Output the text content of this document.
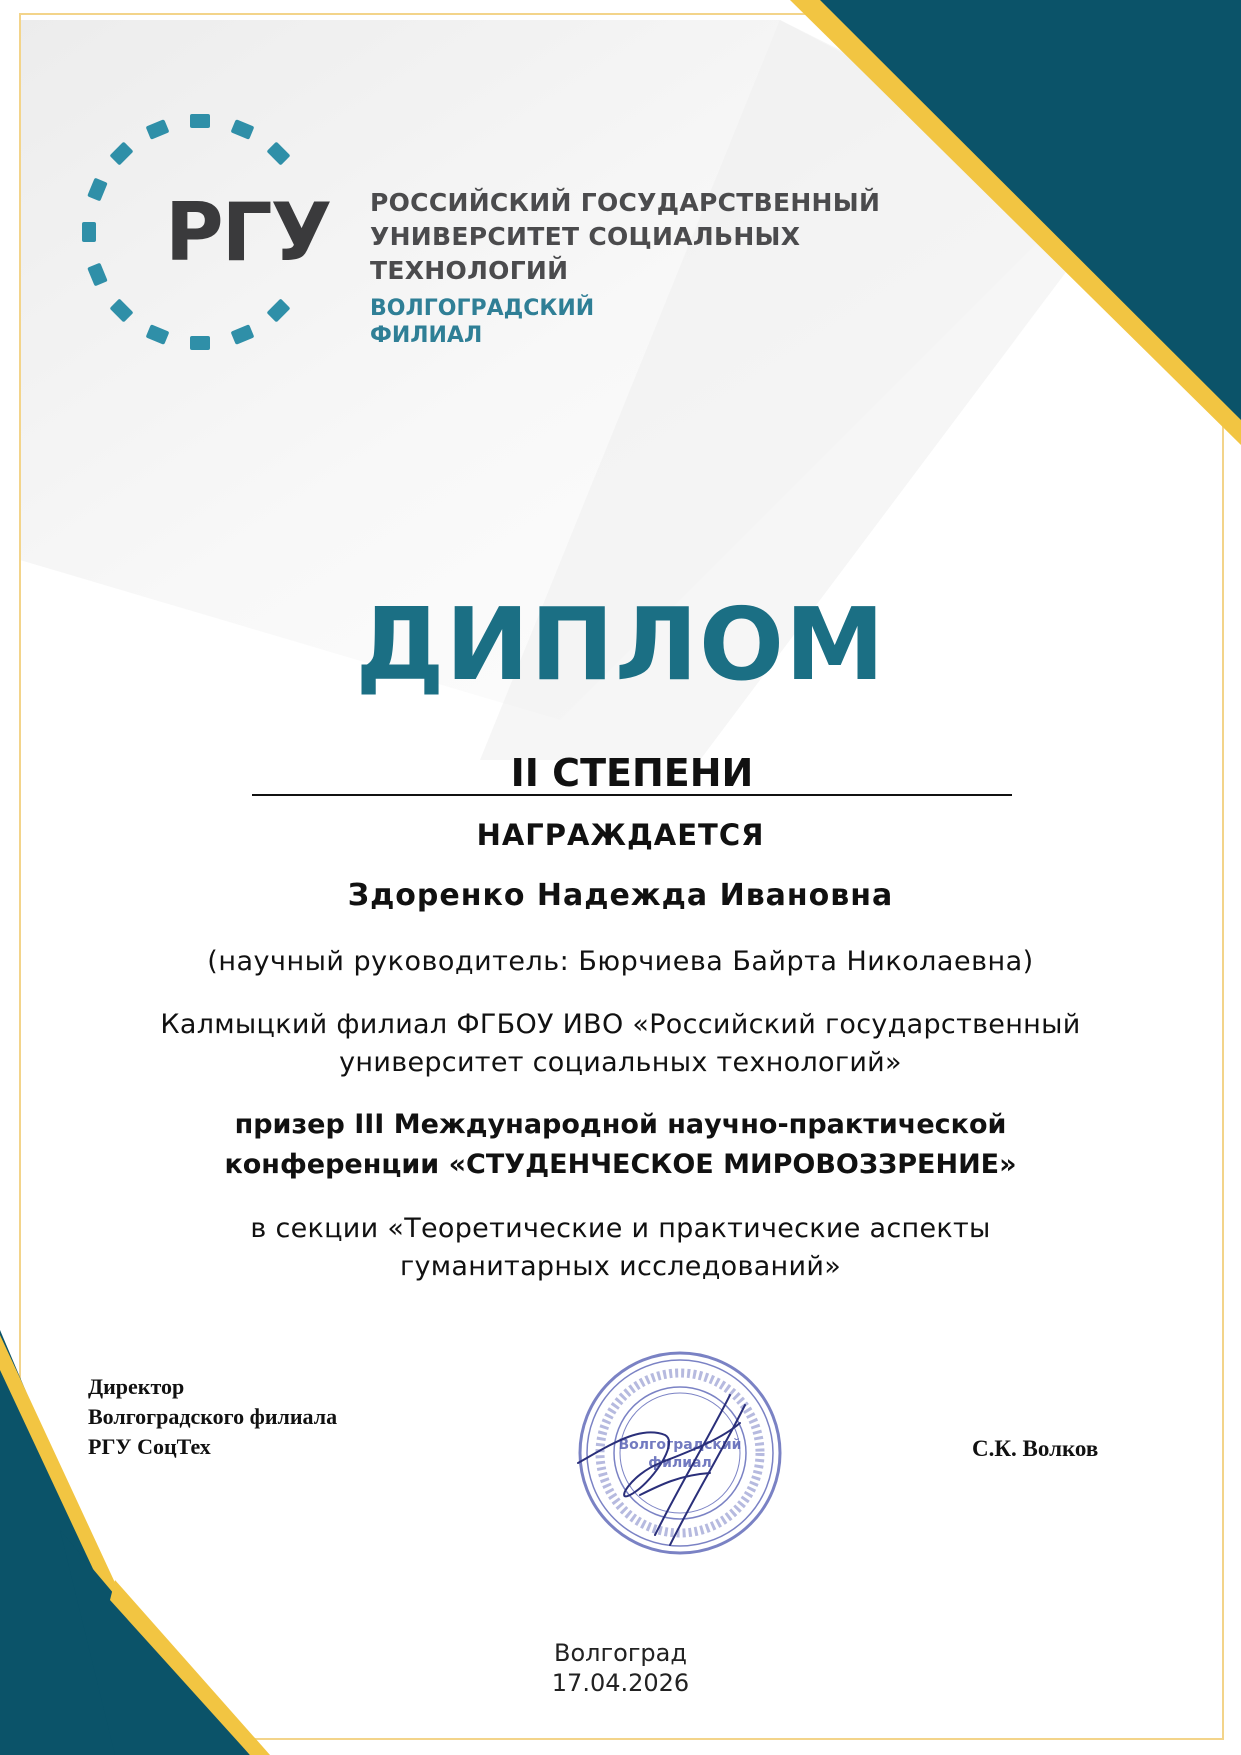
РГУ РОССИЙСКИЙ ГОСУДАРСТВЕННЫЙ
УНИВЕРСИТЕТ СОЦИАЛЬНЫХ
ТЕХНОЛОГИЙ
ВОЛГОГРАДСКИЙ
ФИЛИАЛ
ДИПЛОМ
II СТЕПЕНИ
НАГРАЖДАЕТСЯ
Здоренко Надежда Ивановна
(научный руководитель: Бюрчиева Байрта Николаевна)
Калмыцкий филиал ФГБОУ ИВО «Российский государственный
университет социальных технологий»
призер III Международной научно-практической
конференции «СТУДЕНЧЕСКОЕ МИРОВОЗЗРЕНИЕ»
в секции «Теоретические и практические аспекты
гуманитарных исследований»
Директор
Волгоградского филиала
РГУ СоцТех	С.К. Волков
Волгоградский
филиал
Волгоград
17.04.2026
